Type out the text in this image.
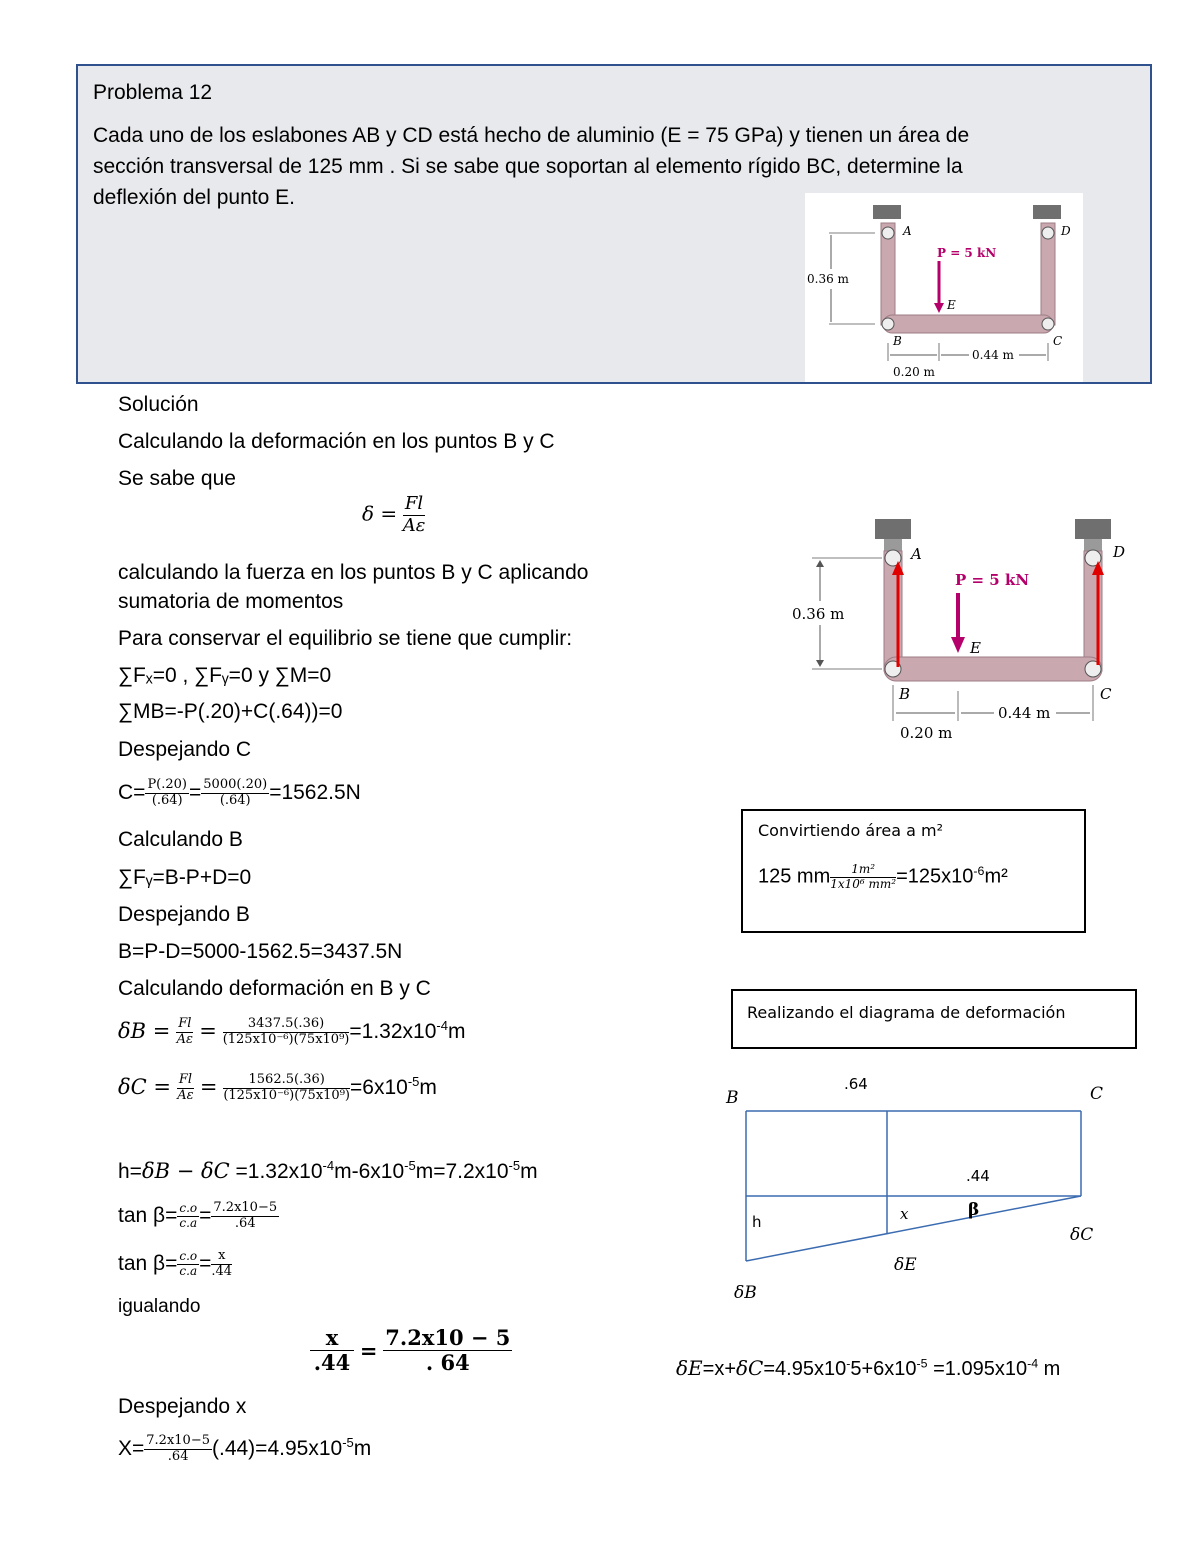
Problema 12
Cada uno de los eslabones AB y CD está hecho de aluminio (E = 75 GPa) y tienen un área de
sección transversal de 125 mm . Si se sabe que soportan al elemento rígido BC, determine la
deflexión del punto E.
P = 5 kN
A	D
E
B	C
0.36 m
0.44 m
0.20 m
Solución
Calculando la deformación en los puntos B y C
Se sabe que
$\delta = \frac{Fl}{A\varepsilon}$
calculando la fuerza en los puntos B y C aplicando
sumatoria de momentos
Para conservar el equilibrio se tiene que cumplir:
∑Fₓ=0 , ∑Fᵧ=0 y ∑M=0
∑MB=-P(.20)+C(.64))=0
Despejando C
$C= \frac{P(.20)}{(.64)} = \frac{5000(.20)}{(.64)} =1562.5N$
Calculando B
∑Fᵧ=B-P+D=0
Despejando B
B=P-D=5000-1562.5=3437.5N
Calculando deformación en B y C
$\delta B = \frac{Fl}{A\varepsilon} = \frac{3437.5(.36)}{\text{(125x10⁻⁶)(75x10⁹)}} =1.32x10^{-4}m$
$\delta C = \frac{Fl}{A\varepsilon} = \frac{1562.5(.36)}{\text{(125x10⁻⁶)(75x10⁹)}} =6x10^{-5}m$
$h=\delta B - \delta C =1.32x10^{-4}m-6x10^{-5}m=7.2x10^{-5}m$
$\tan \beta= \frac{c.o}{c.a} = \frac{7.2x10-5}{.64}$
$\tan \beta= \frac{c.o}{c.a} = \frac{x}{.44}$
igualando
$\frac{x}{.44} = \frac{7.2x10 - 5}{. 64}$
Despejando x
$X= \frac{7.2x10-5}{.64} (.44)=4.95x10^{-5}m$
P = 5 kN
A	D
E
B	C
0.36 m
0.44 m
0.20 m
Convirtiendo área a m²
125 mm $\frac{\text{1m²}}{\text{1x10⁶ mm²}} =125x10^{-6}m^2$
Realizando el diagrama de deformación
B	C
.64
.44
h	x	β
δC
δE
δB
$\delta E=x+\delta C=4.95x10^-5+6x10^{-5} =1.095x10^{-4}$ m
